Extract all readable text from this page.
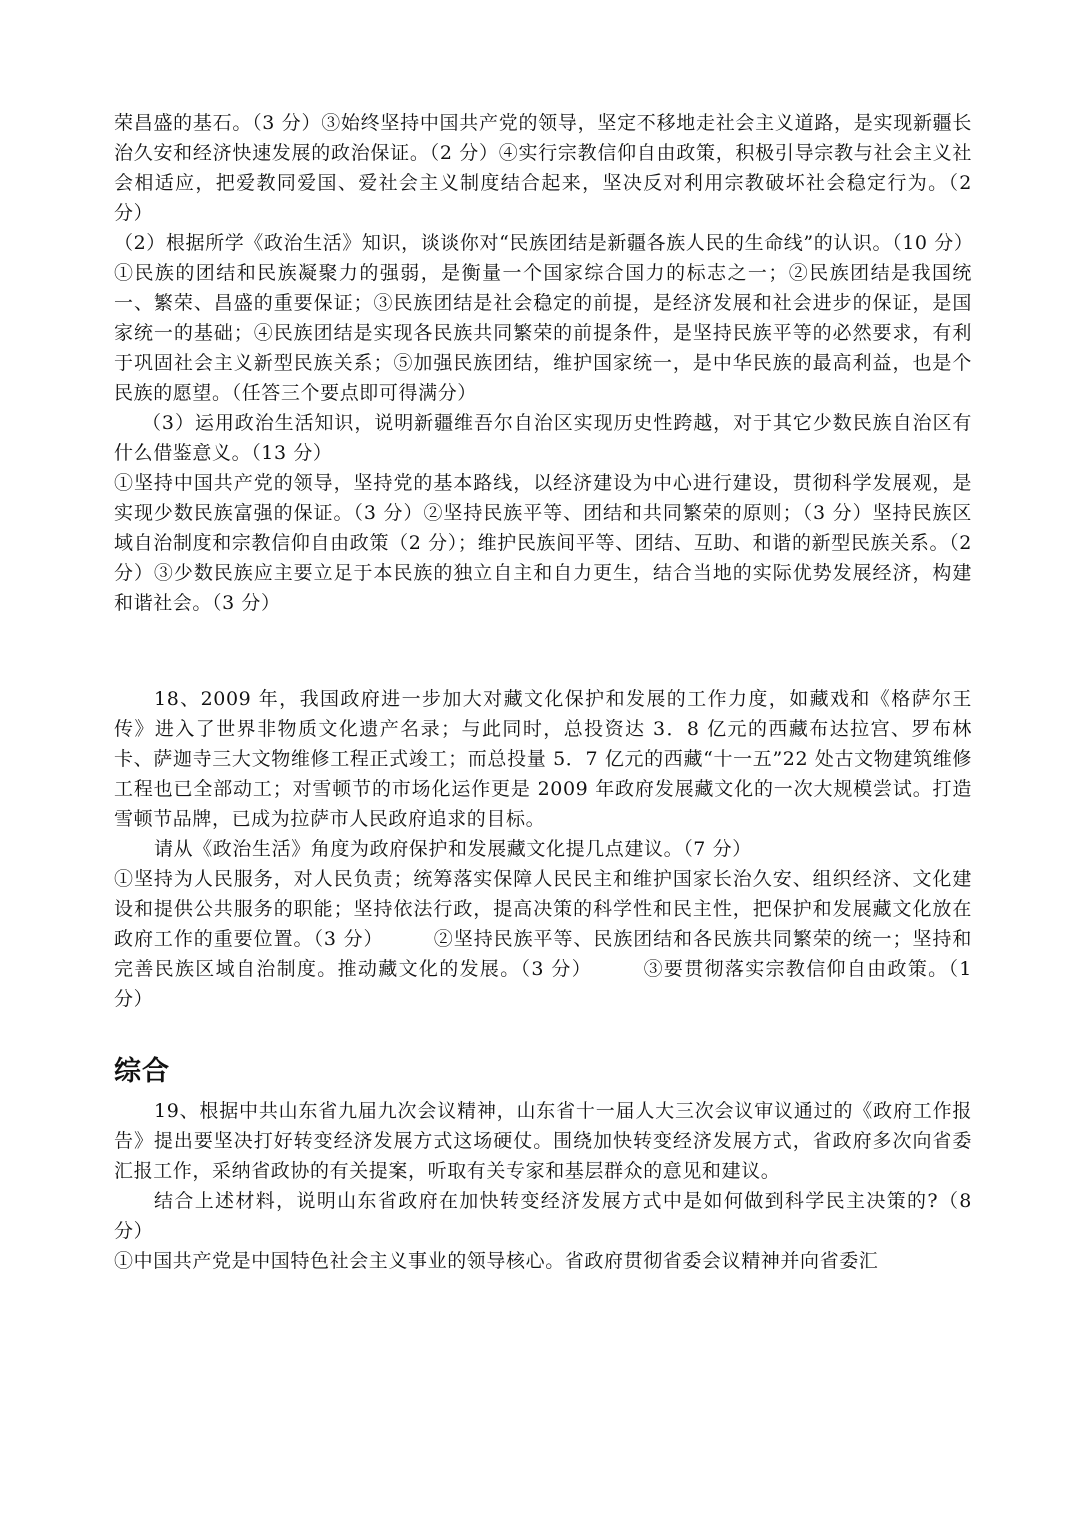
荣昌盛的基石。（3 分）③始终坚持中国共产党的领导，坚定不移地走社会主义道路，是实现新疆长治久安和经济快速发展的政治保证。（2 分）④实行宗教信仰自由政策，积极引导宗教与社会主义社会相适应，把爱教同爱国、爱社会主义制度结合起来，坚决反对利用宗教破坏社会稳定行为。（2 分）

（2）根据所学《政治生活》知识，谈谈你对“民族团结是新疆各族人民的生命线”的认识。（10 分）

①民族的团结和民族凝聚力的强弱，是衡量一个国家综合国力的标志之一；②民族团结是我国统一、繁荣、昌盛的重要保证；③民族团结是社会稳定的前提，是经济发展和社会进步的保证，是国家统一的基础；④民族团结是实现各民族共同繁荣的前提条件，是坚持民族平等的必然要求，有利于巩固社会主义新型民族关系；⑤加强民族团结，维护国家统一，是中华民族的最高利益，也是个民族的愿望。（任答三个要点即可得满分）

（3）运用政治生活知识，说明新疆维吾尔自治区实现历史性跨越，对于其它少数民族自治区有什么借鉴意义。（13 分）

①坚持中国共产党的领导，坚持党的基本路线，以经济建设为中心进行建设，贯彻科学发展观，是实现少数民族富强的保证。（3 分）②坚持民族平等、团结和共同繁荣的原则；（3 分）坚持民族区域自治制度和宗教信仰自由政策（2 分）；维护民族间平等、团结、互助、和谐的新型民族关系。（2 分）③少数民族应主要立足于本民族的独立自主和自力更生，结合当地的实际优势发展经济，构建和谐社会。（3 分）

18、2009 年，我国政府进一步加大对藏文化保护和发展的工作力度，如藏戏和《格萨尔王传》进入了世界非物质文化遗产名录；与此同时，总投资达 3．8 亿元的西藏布达拉宫、罗布林卡、萨迦寺三大文物维修工程正式竣工；而总投量 5．7 亿元的西藏“十一五”22 处古文物建筑维修工程也已全部动工；对雪顿节的市场化运作更是 2009 年政府发展藏文化的一次大规模尝试。打造雪顿节品牌，已成为拉萨市人民政府追求的目标。

请从《政治生活》角度为政府保护和发展藏文化提几点建议。（7 分）

①坚持为人民服务，对人民负责；统筹落实保障人民民主和维护国家长治久安、组织经济、文化建设和提供公共服务的职能；坚持依法行政，提高决策的科学性和民主性，把保护和发展藏文化放在政府工作的重要位置。（3 分）　　　②坚持民族平等、民族团结和各民族共同繁荣的统一；坚持和完善民族区域自治制度。推动藏文化的发展。（3 分）　　　③要贯彻落实宗教信仰自由政策。（1 分）

综合

19、根据中共山东省九届九次会议精神，山东省十一届人大三次会议审议通过的《政府工作报告》提出要坚决打好转变经济发展方式这场硬仗。围绕加快转变经济发展方式，省政府多次向省委汇报工作，采纳省政协的有关提案，听取有关专家和基层群众的意见和建议。

结合上述材料，说明山东省政府在加快转变经济发展方式中是如何做到科学民主决策的?（8 分）

①中国共产党是中国特色社会主义事业的领导核心。省政府贯彻省委会议精神并向省委汇
